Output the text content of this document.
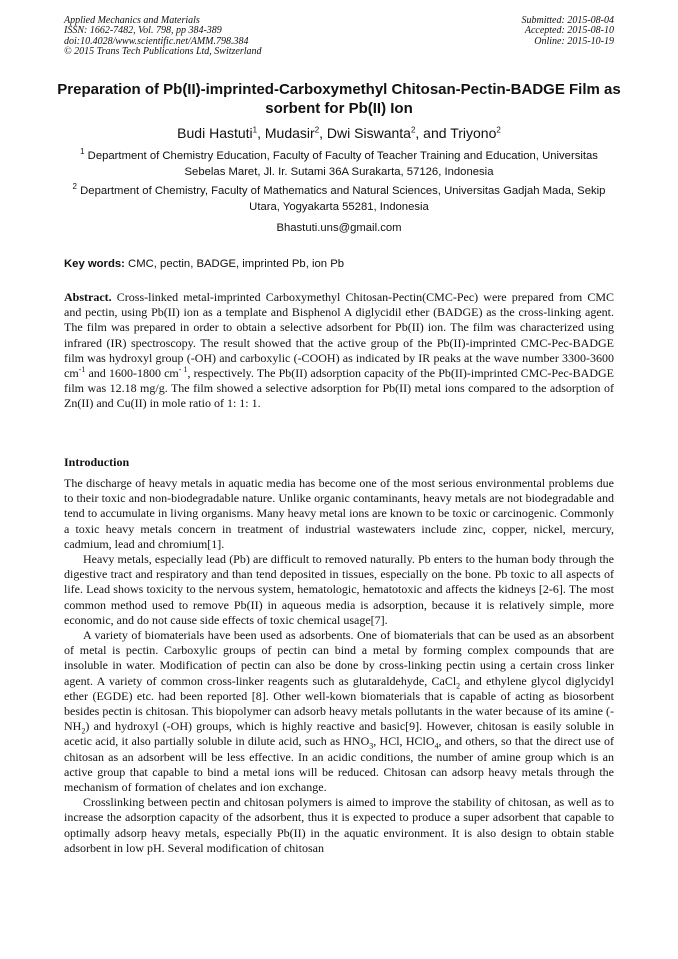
Applied Mechanics and Materials
ISSN: 1662-7482, Vol. 798, pp 384-389
doi:10.4028/www.scientific.net/AMM.798.384
© 2015 Trans Tech Publications Ltd, Switzerland
Submitted: 2015-08-04
Accepted: 2015-08-10
Online: 2015-10-19
Preparation of Pb(II)-imprinted-Carboxymethyl Chitosan-Pectin-BADGE Film as sorbent for Pb(II) Ion
Budi Hastuti$^1$, Mudasir$^2$, Dwi Siswanta$^2$, and Triyono$^2$
$^1$ Department of Chemistry Education, Faculty of Faculty of Teacher Training and Education, Universitas Sebelas Maret, Jl. Ir. Sutami 36A Surakarta, 57126, Indonesia
$^2$ Department of Chemistry, Faculty of Mathematics and Natural Sciences, Universitas Gadjah Mada, Sekip Utara, Yogyakarta 55281, Indonesia
Bhastuti.uns@gmail.com
Key words: CMC, pectin, BADGE, imprinted Pb, ion Pb
Abstract. Cross-linked metal-imprinted Carboxymethyl Chitosan-Pectin(CMC-Pec) were prepared from CMC and pectin, using Pb(II) ion as a template and Bisphenol A diglycidil ether (BADGE) as the cross-linking agent. The film was prepared in order to obtain a selective adsorbent for Pb(II) ion. The film was characterized using infrared (IR) spectroscopy. The result showed that the active group of the Pb(II)-imprinted CMC-Pec-BADGE film was hydroxyl group (-OH) and carboxylic (-COOH) as indicated by IR peaks at the wave number 3300-3600 $cm^{-1}$ and 1600-1800 $cm^{- 1}$, respectively. The Pb(II) adsorption capacity of the Pb(II)-imprinted CMC-Pec-BADGE film was 12.18 mg/g. The film showed a selective adsorption for Pb(II) metal ions compared to the adsorption of Zn(II) and Cu(II) in mole ratio of 1: 1: 1.
Introduction

The discharge of heavy metals in aquatic media has become one of the most serious environmental problems due to their toxic and non-biodegradable nature. Unlike organic contaminants, heavy metals are not biodegradable and tend to accumulate in living organisms. Many heavy metal ions are known to be toxic or carcinogenic. Commonly a toxic heavy metals concern in treatment of industrial wastewaters include zinc, copper, nickel, mercury, cadmium, lead and chromium[1].

Heavy metals, especially lead (Pb) are difficult to removed naturally. Pb enters to the human body through the digestive tract and respiratory and than tend deposited in tissues, especially on the bone. Pb toxic to all aspects of life. Lead shows toxicity to the nervous system, hematologic, hematotoxic and affects the kidneys [2-6]. The most common method used to remove Pb(II) in aqueous media is adsorption, because it is relatively simple, more economic, and do not cause side effects of toxic chemical usage[7].

A variety of biomaterials have been used as adsorbents. One of biomaterials that can be used as an absorbent of metal is pectin. Carboxylic groups of pectin can bind a metal by forming complex compounds that are insoluble in water. Modification of pectin can also be done by cross-linking pectin using a certain cross linker agent. A variety of common cross-linker reagents such as glutaraldehyde, CaCl$_2$ and ethylene glycol diglycidyl ether (EGDE) etc. had been reported [8]. Other well-kown biomaterials that is capable of acting as biosorbent besides pectin is chitosan. This biopolymer can adsorb heavy metals pollutants in the water because of its amine $(-NH_2)$ and hydroxyl (-OH) groups, which is highly reactive and basic[9]. However, chitosan is easily soluble in acetic acid, it also partially soluble in dilute acid, such as $HNO_3$, HCl, HClO$_4$, and others, so that the direct use of chitosan as an adsorbent will be less effective. In an acidic conditions, the number of amine group which is an active group that capable to bind a metal ions will be reduced. Chitosan can adsorp heavy metals through the mechanism of formation of chelates and ion exchange.

Crosslinking between pectin and chitosan polymers is aimed to improve the stability of chitosan, as well as to increase the adsorption capacity of the adsorbent, thus it is expected to produce a super adsorbent that capable to optimally adsorp heavy metals, especially Pb(II) in the aquatic environment. It is also design to obtain stable adsorbent in low pH. Several modification of chitosan
